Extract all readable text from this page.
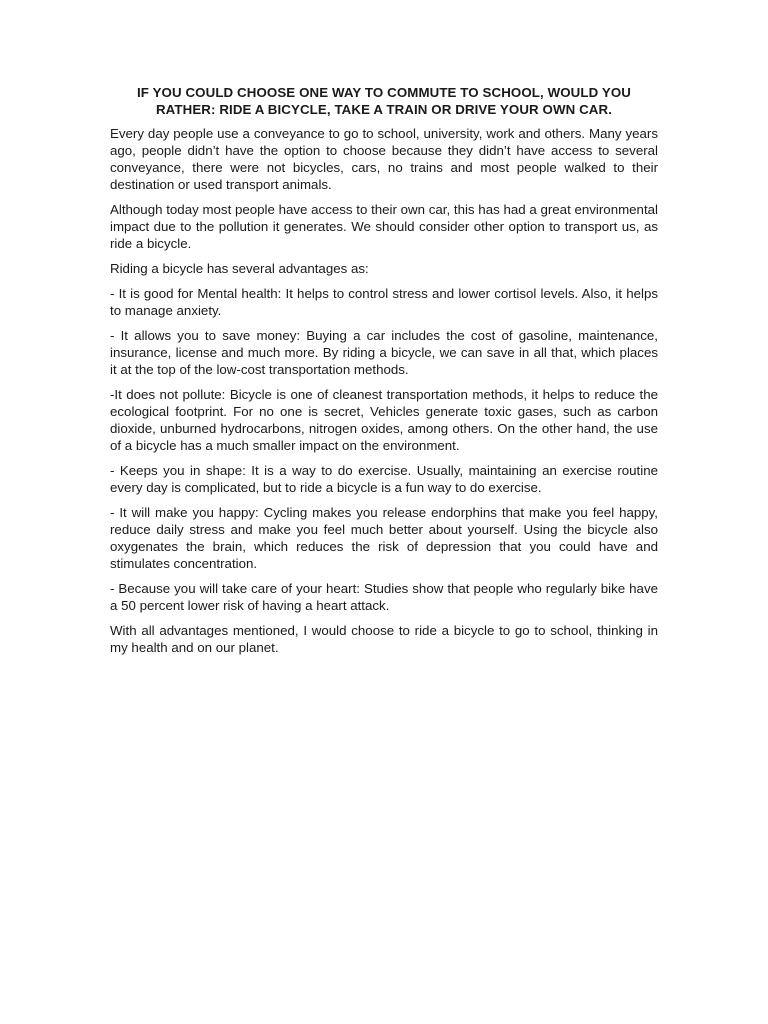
IF YOU COULD CHOOSE ONE WAY TO COMMUTE TO SCHOOL, WOULD YOU RATHER: RIDE A BICYCLE, TAKE A TRAIN OR DRIVE YOUR OWN CAR.

Every day people use a conveyance to go to school, university, work and others. Many years ago, people didn’t have the option to choose because they didn’t have access to several conveyance, there were not bicycles, cars, no trains and most people walked to their destination or used transport animals.

Although today most people have access to their own car, this has had a great environmental impact due to the pollution it generates. We should consider other option to transport us, as ride a bicycle.

Riding a bicycle has several advantages as:

- It is good for Mental health: It helps to control stress and lower cortisol levels. Also, it helps to manage anxiety.

- It allows you to save money: Buying a car includes the cost of gasoline, maintenance, insurance, license and much more. By riding a bicycle, we can save in all that, which places it at the top of the low-cost transportation methods.

-It does not pollute: Bicycle is one of cleanest transportation methods, it helps to reduce the ecological footprint. For no one is secret, Vehicles generate toxic gases, such as carbon dioxide, unburned hydrocarbons, nitrogen oxides, among others. On the other hand, the use of a bicycle has a much smaller impact on the environment.

- Keeps you in shape: It is a way to do exercise. Usually, maintaining an exercise routine every day is complicated, but to ride a bicycle is a fun way to do exercise.

- It will make you happy: Cycling makes you release endorphins that make you feel happy, reduce daily stress and make you feel much better about yourself. Using the bicycle also oxygenates the brain, which reduces the risk of depression that you could have and stimulates concentration.

- Because you will take care of your heart: Studies show that people who regularly bike have a 50 percent lower risk of having a heart attack.

With all advantages mentioned, I would choose to ride a bicycle to go to school, thinking in my health and on our planet.
